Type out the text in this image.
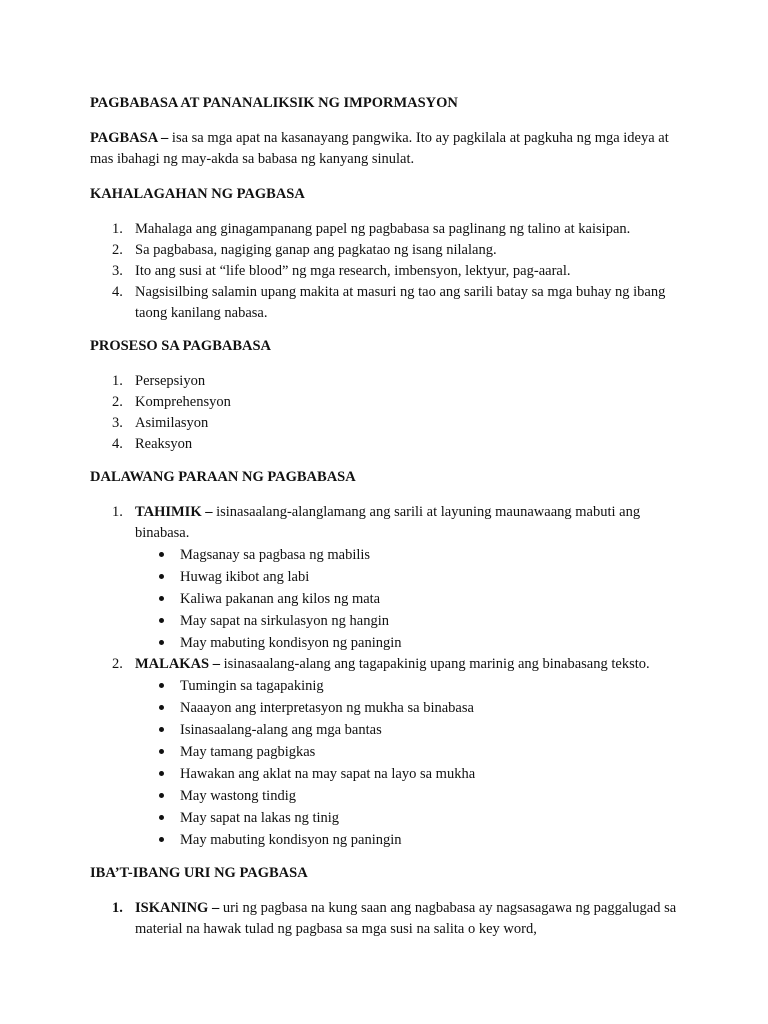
PAGBABASA AT PANANALIKSIK NG IMPORMASYON

PAGBASA – isa sa mga apat na kasanayang pangwika. Ito ay pagkilala at pagkuha ng mga ideya at mas ibahagi ng may-akda sa babasa ng kanyang sinulat.

KAHALAGAHAN NG PAGBASA

1. Mahalaga ang ginagampanang papel ng pagbabasa sa paglinang ng talino at kaisipan.
2. Sa pagbabasa, nagiging ganap ang pagkatao ng isang nilalang.
3. Ito ang susi at “life blood” ng mga research, imbensyon, lektyur, pag-aaral.
4. Nagsisilbing salamin upang makita at masuri ng tao ang sarili batay sa mga buhay ng ibang taong kanilang nabasa.

PROSESO SA PAGBABASA

1. Persepsiyon
2. Komprehensyon
3. Asimilasyon
4. Reaksyon

DALAWANG PARAAN NG PAGBABASA

1. TAHIMIK – isinasaalang-alanglamang ang sarili at layuning maunawaang mabuti ang binabasa.
Magsanay sa pagbasa ng mabilis
Huwag ikibot ang labi
Kaliwa pakanan ang kilos ng mata
May sapat na sirkulasyon ng hangin
May mabuting kondisyon ng paningin
2. MALAKAS – isinasaalang-alang ang tagapakinig upang marinig ang binabasang teksto.
Tumingin sa tagapakinig
Naaayon ang interpretasyon ng mukha sa binabasa
Isinasaalang-alang ang mga bantas
May tamang pagbigkas
Hawakan ang aklat na may sapat na layo sa mukha
May wastong tindig
May sapat na lakas ng tinig
May mabuting kondisyon ng paningin

IBA’T-IBANG URI NG PAGBASA

1. ISKANING – uri ng pagbasa na kung saan ang nagbabasa ay nagsasagawa ng paggalugad sa material na hawak tulad ng pagbasa sa mga susi na salita o key word,
